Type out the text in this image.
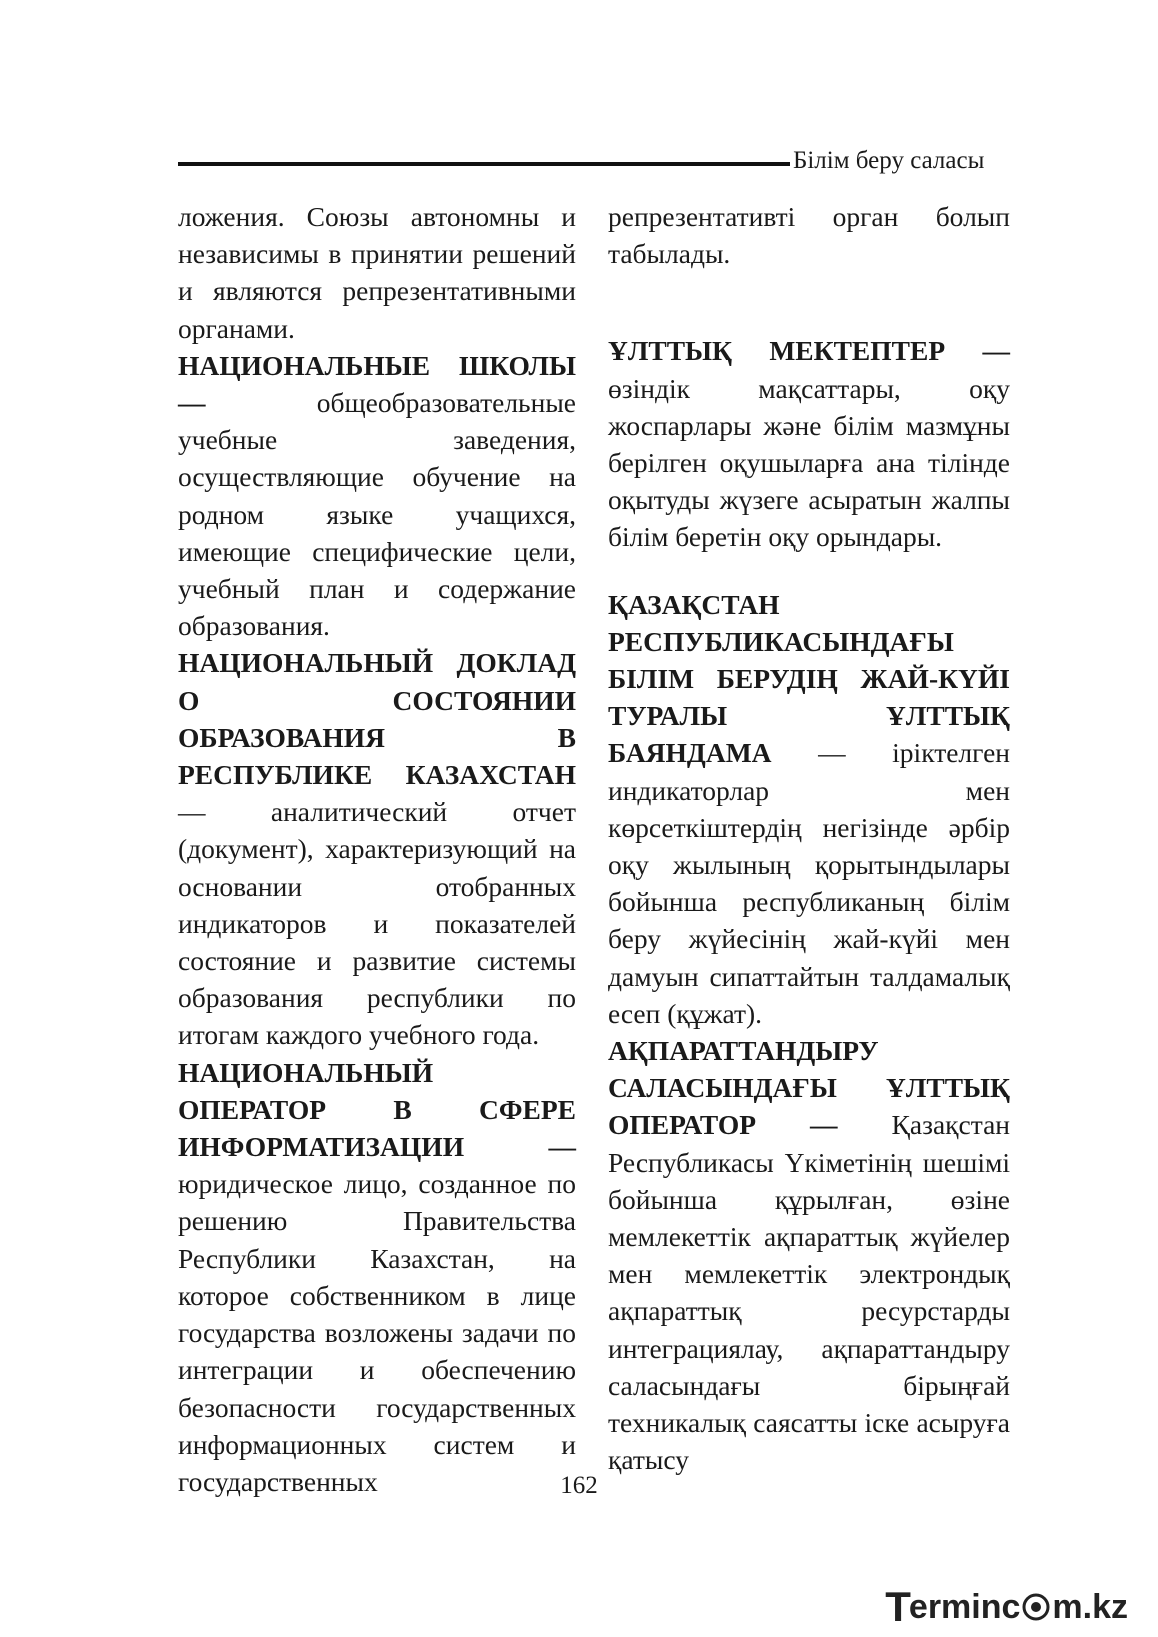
Білім беру саласы

ложения. Союзы автономны и независимы в принятии решений и являются репрезентативными органами.

НАЦИОНАЛЬНЫЕ ШКОЛЫ — общеобразовательные учебные заведения, осуществляющие обучение на родном языке учащихся, имеющие специфические цели, учебный план и содержание образования.

НАЦИОНАЛЬНЫЙ ДОКЛАД О СОСТОЯНИИ ОБРАЗОВАНИЯ В РЕСПУБЛИКЕ КАЗАХСТАН — аналитический отчет (документ), характеризующий на основании отобранных индикаторов и показателей состояние и развитие системы образования республики по итогам каждого учебного года.

НАЦИОНАЛЬНЫЙ ОПЕРАТОР В СФЕРЕ ИНФОРМАТИЗАЦИИ — юридическое лицо, созданное по решению Правительства Республики Казахстан, на которое собственником в лице государства возложены задачи по интеграции и обеспечению безопасности государственных информационных систем и государственных

репрезентативті орган болып табылады.

ҰЛТТЫҚ МЕКТЕПТЕР — өзіндік мақсаттары, оқу жоспарлары және білім мазмұны берілген оқушыларға ана тілінде оқытуды жүзеге асыратын жалпы білім беретін оқу орындары.

ҚАЗАҚСТАН РЕСПУБЛИКАСЫНДАҒЫ БІЛІМ БЕРУДІҢ ЖАЙ-КҮЙІ ТУРАЛЫ ҰЛТТЫҚ БАЯНДАМА — іріктелген индикаторлар мен көрсеткіштердің негізінде әрбір оқу жылының қорытындылары бойынша республиканың білім беру жүйесінің жай-күйі мен дамуын сипаттайтын талдамалық есеп (құжат).

АҚПАРАТТАНДЫРУ САЛАСЫНДАҒЫ ҰЛТТЫҚ ОПЕРАТОР — Қазақстан Республикасы Үкіметінің шешімі бойынша құрылған, өзіне мемлекеттік ақпараттық жүйелер мен мемлекеттік электрондық ақпараттық ресурстарды интеграциялау, ақпараттандыру саласындағы бірыңғай техникалық саясатты іске асыруға қатысу

162
T
erminc m.kz
